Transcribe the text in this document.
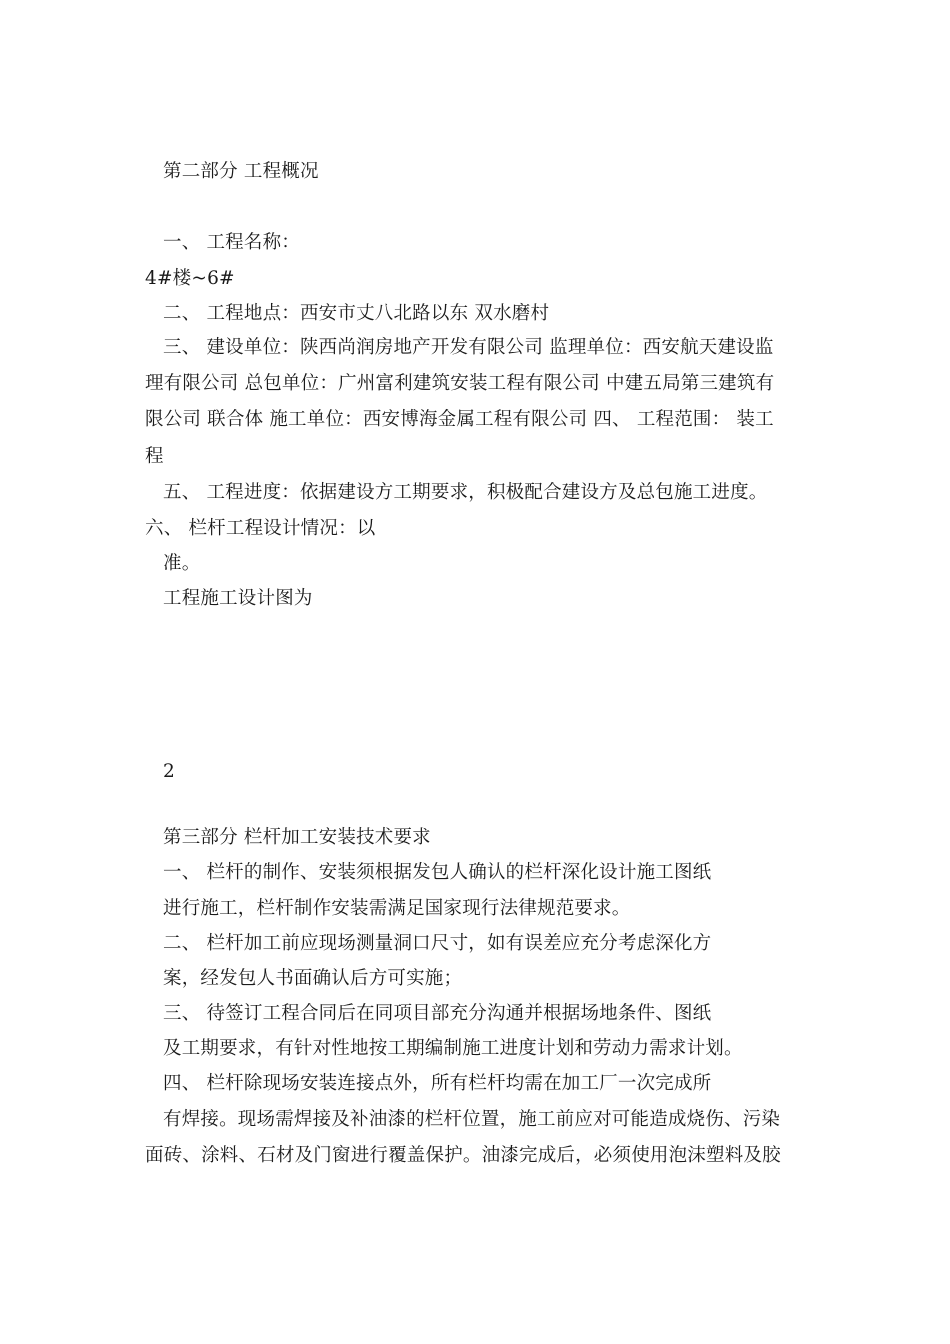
第二部分 工程概况
一、 工程名称：
4#楼~6#
二、 工程地点：西安市丈八北路以东 双水磨村
三、 建设单位：陕西尚润房地产开发有限公司 监理单位：西安航天建设监
理有限公司 总包单位：广州富利建筑安装工程有限公司 中建五局第三建筑有
限公司 联合体 施工单位：西安博海金属工程有限公司 四、 工程范围： 装工
程
五、 工程进度：依据建设方工期要求，积极配合建设方及总包施工进度。
六、 栏杆工程设计情况：以
准。
工程施工设计图为
2
第三部分 栏杆加工安装技术要求
一、 栏杆的制作、安装须根据发包人确认的栏杆深化设计施工图纸
进行施工，栏杆制作安装需满足国家现行法律规范要求。
二、 栏杆加工前应现场测量洞口尺寸，如有误差应充分考虑深化方
案，经发包人书面确认后方可实施；
三、 待签订工程合同后在同项目部充分沟通并根据场地条件、图纸
及工期要求，有针对性地按工期编制施工进度计划和劳动力需求计划。
四、 栏杆除现场安装连接点外，所有栏杆均需在加工厂一次完成所
有焊接。现场需焊接及补油漆的栏杆位置，施工前应对可能造成烧伤、污染
面砖、涂料、石材及门窗进行覆盖保护。油漆完成后，必须使用泡沫塑料及胶
